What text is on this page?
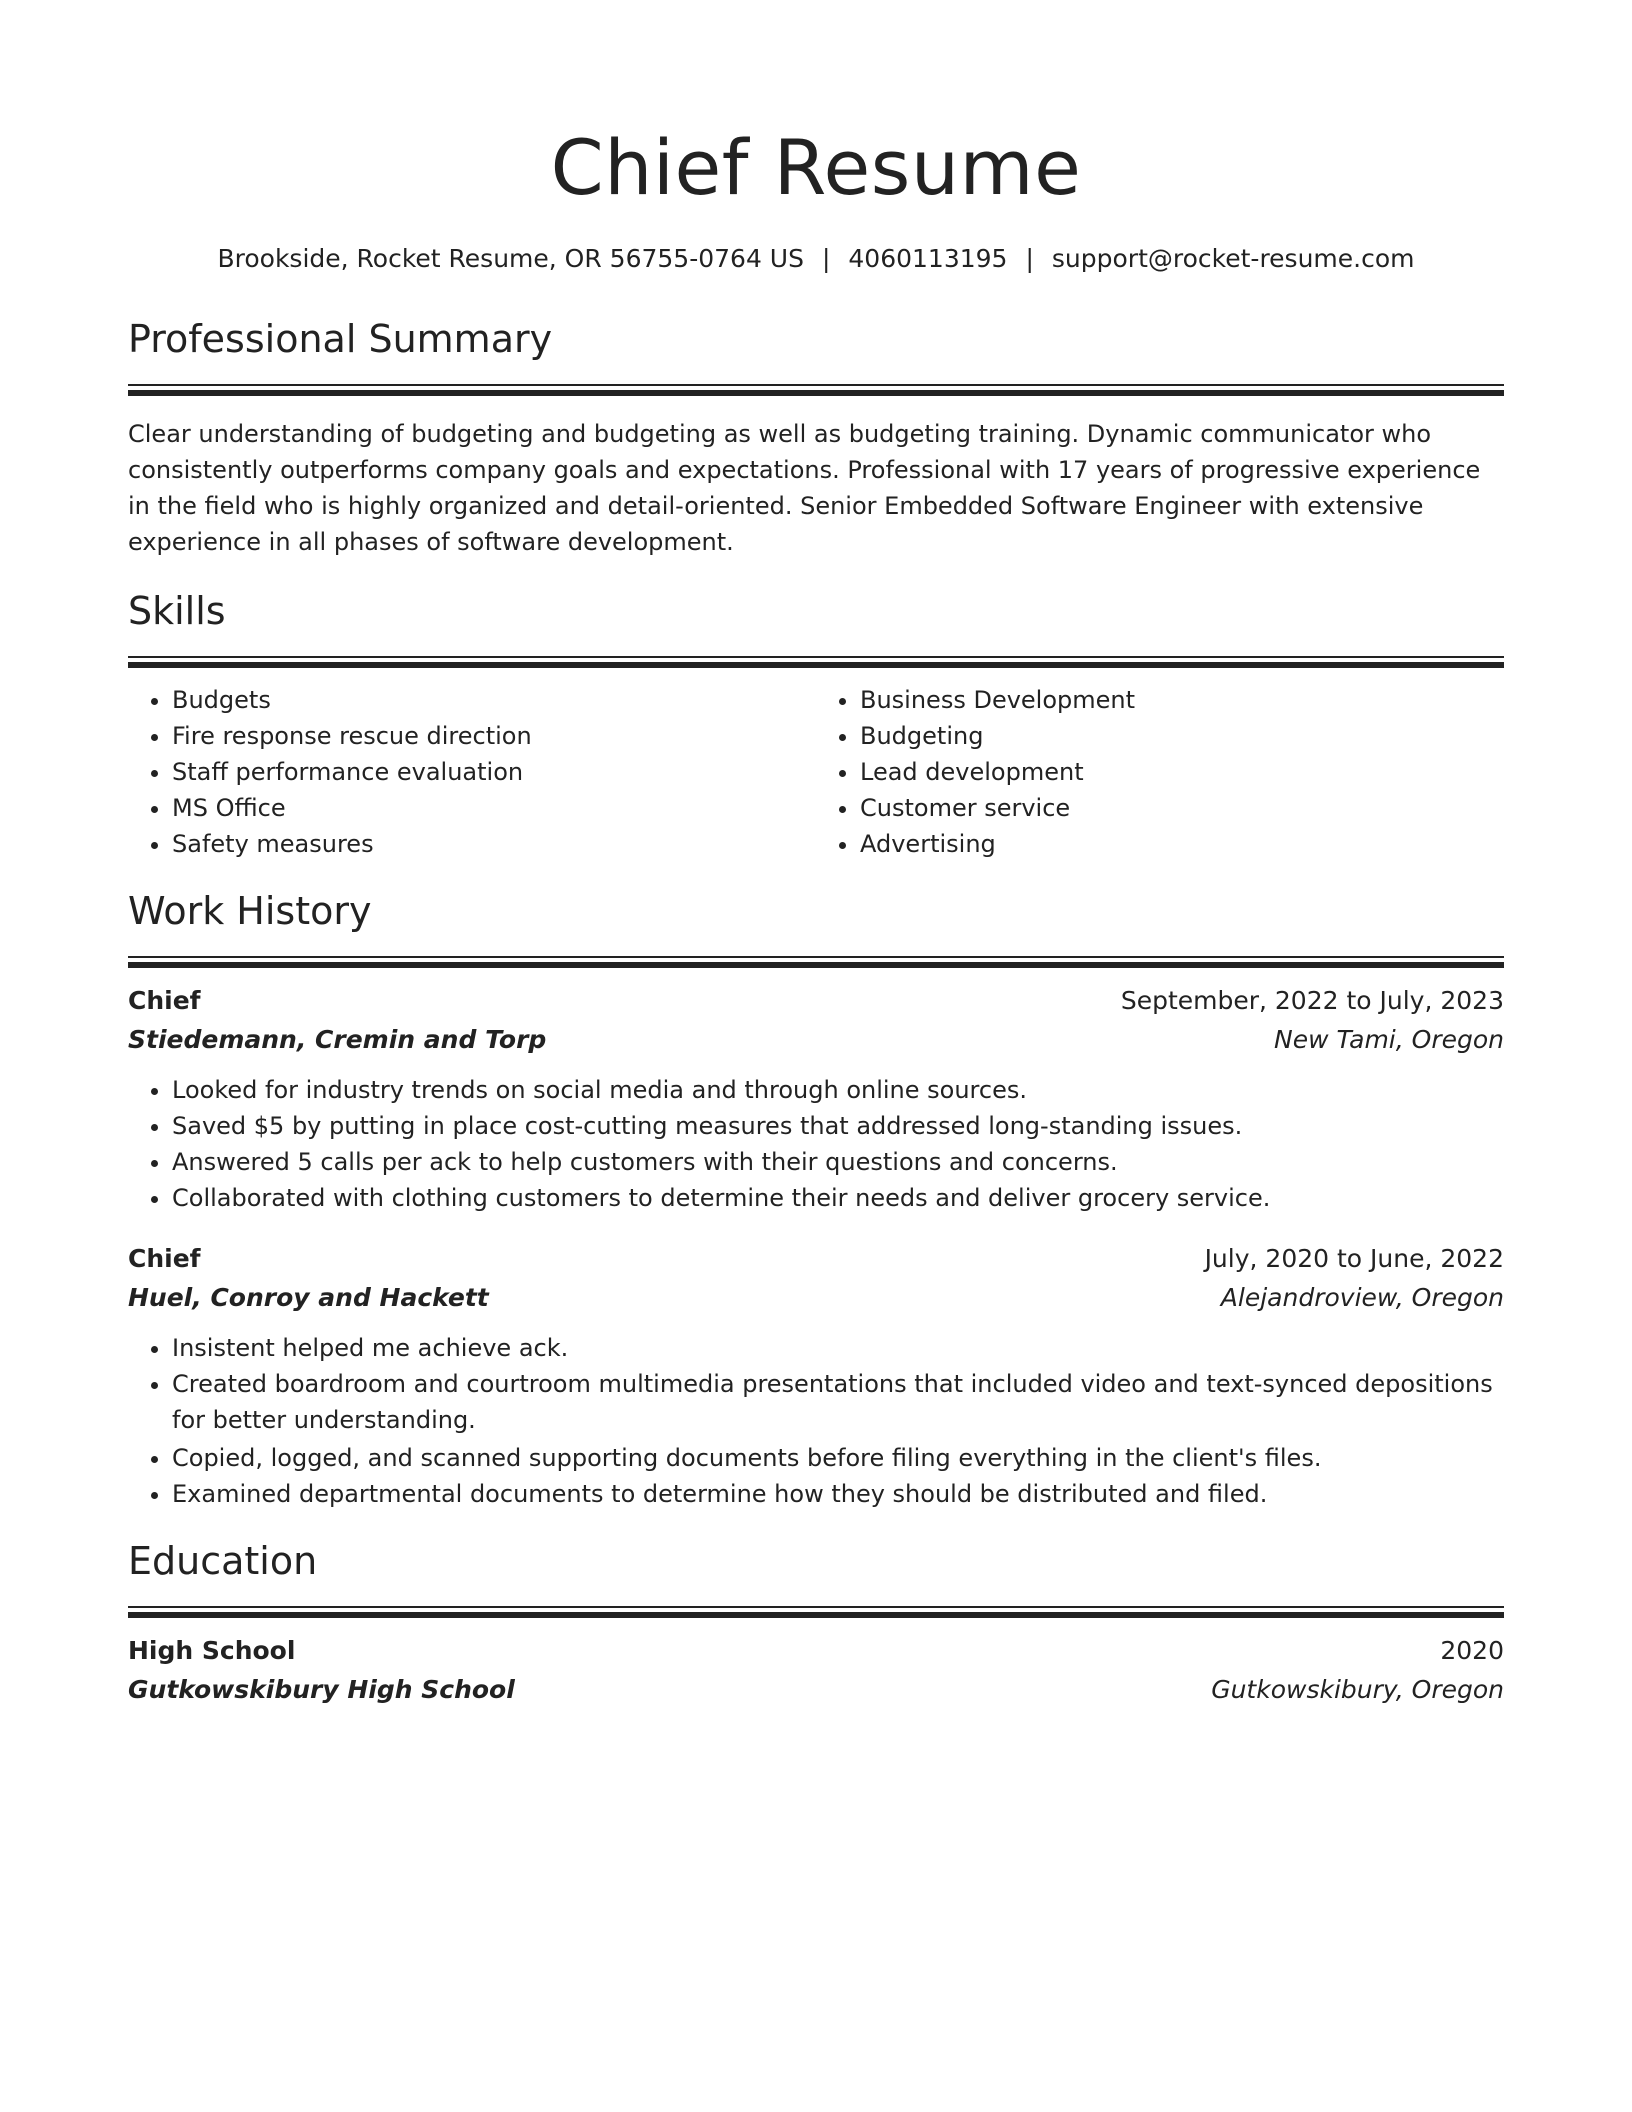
Chief Resume
Brookside, Rocket Resume, OR 56755-0764 US | 4060113195 | support@rocket-resume.com
Professional Summary

Clear understanding of budgeting and budgeting as well as budgeting training. Dynamic communicator who consistently outperforms company goals and expectations. Professional with 17 years of progressive experience in the field who is highly organized and detail-oriented. Senior Embedded Software Engineer with extensive experience in all phases of software development.

Skills
• Budgets
• Fire response rescue direction
• Staff performance evaluation
• MS Office
• Safety measures
• Business Development
• Budgeting
• Lead development
• Customer service
• Advertising
Work History
Chief	September, 2022 to July, 2023
Stiedemann, Cremin and Torp	New Tami, Oregon
• Looked for industry trends on social media and through online sources.
• Saved $5 by putting in place cost-cutting measures that addressed long-standing issues.
• Answered 5 calls per ack to help customers with their questions and concerns.
• Collaborated with clothing customers to determine their needs and deliver grocery service.
Chief	July, 2020 to June, 2022
Huel, Conroy and Hackett	Alejandroview, Oregon
• Insistent helped me achieve ack.
• Created boardroom and courtroom multimedia presentations that included video and text-synced depositions for better understanding.
• Copied, logged, and scanned supporting documents before filing everything in the client's files.
• Examined departmental documents to determine how they should be distributed and filed.
Education
High School	2020
Gutkowskibury High School	Gutkowskibury, Oregon
